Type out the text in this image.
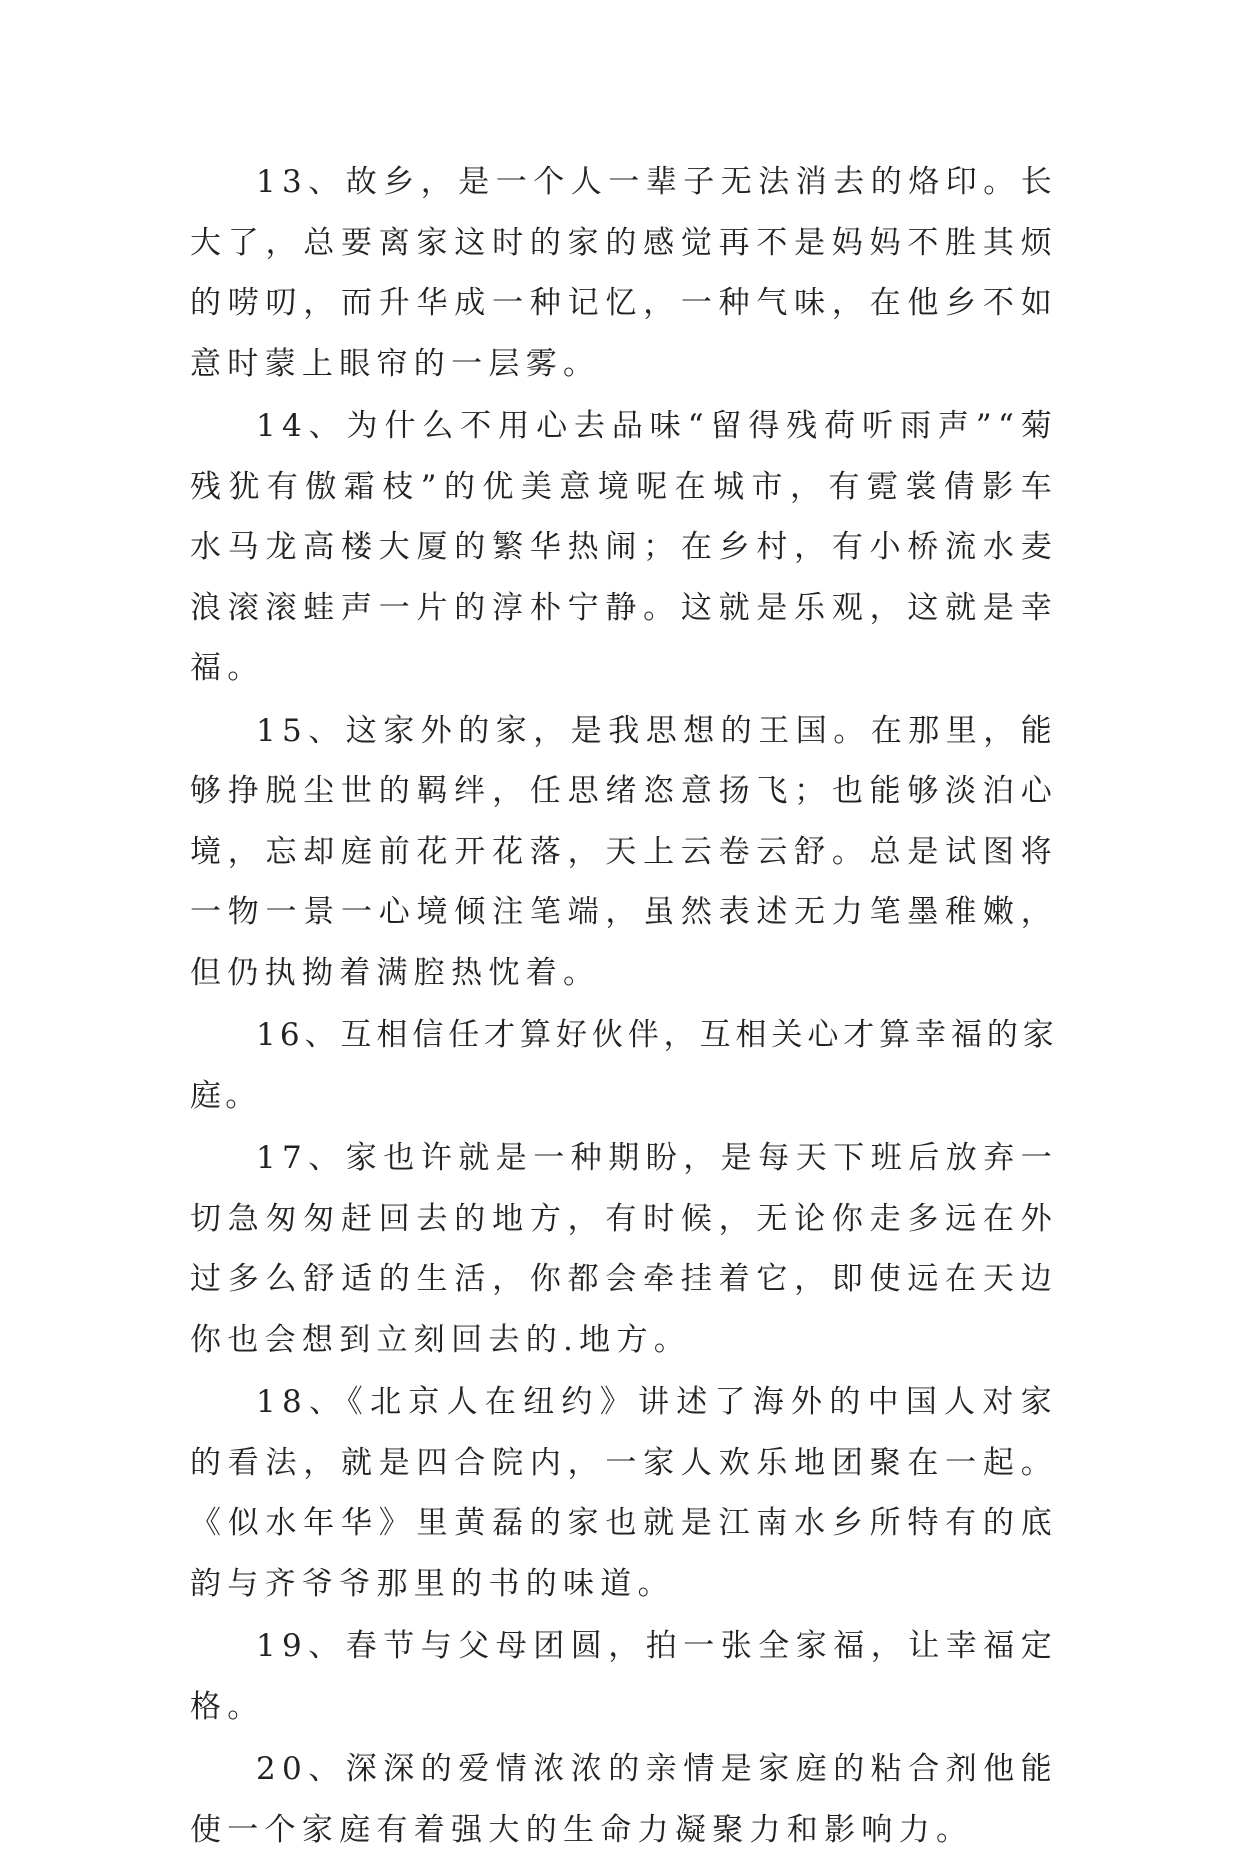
13、故乡，是一个人一辈子无法消去的烙印。长大了，总要离家这时的家的感觉再不是妈妈不胜其烦的唠叨，而升华成一种记忆，一种气味，在他乡不如意时蒙上眼帘的一层雾。

14、为什么不用心去品味“留得残荷听雨声”“菊残犹有傲霜枝”的优美意境呢在城市，有霓裳倩影车水马龙高楼大厦的繁华热闹；在乡村，有小桥流水麦浪滚滚蛙声一片的淳朴宁静。这就是乐观，这就是幸福。

15、这家外的家，是我思想的王国。在那里，能够挣脱尘世的羁绊，任思绪恣意扬飞；也能够淡泊心境，忘却庭前花开花落，天上云卷云舒。总是试图将一物一景一心境倾注笔端，虽然表述无力笔墨稚嫩，但仍执拗着满腔热忱着。

16、互相信任才算好伙伴，互相关心才算幸福的家庭。

17、家也许就是一种期盼，是每天下班后放弃一切急匆匆赶回去的地方，有时候，无论你走多远在外过多么舒适的生活，你都会牵挂着它，即使远在天边你也会想到立刻回去的.地方。

18、《北京人在纽约》讲述了海外的中国人对家的看法，就是四合院内，一家人欢乐地团聚在一起。《似水年华》里黄磊的家也就是江南水乡所特有的底韵与齐爷爷那里的书的味道。

19、春节与父母团圆，拍一张全家福，让幸福定格。

20、深深的爱情浓浓的亲情是家庭的粘合剂他能使一个家庭有着强大的生命力凝聚力和影响力。
